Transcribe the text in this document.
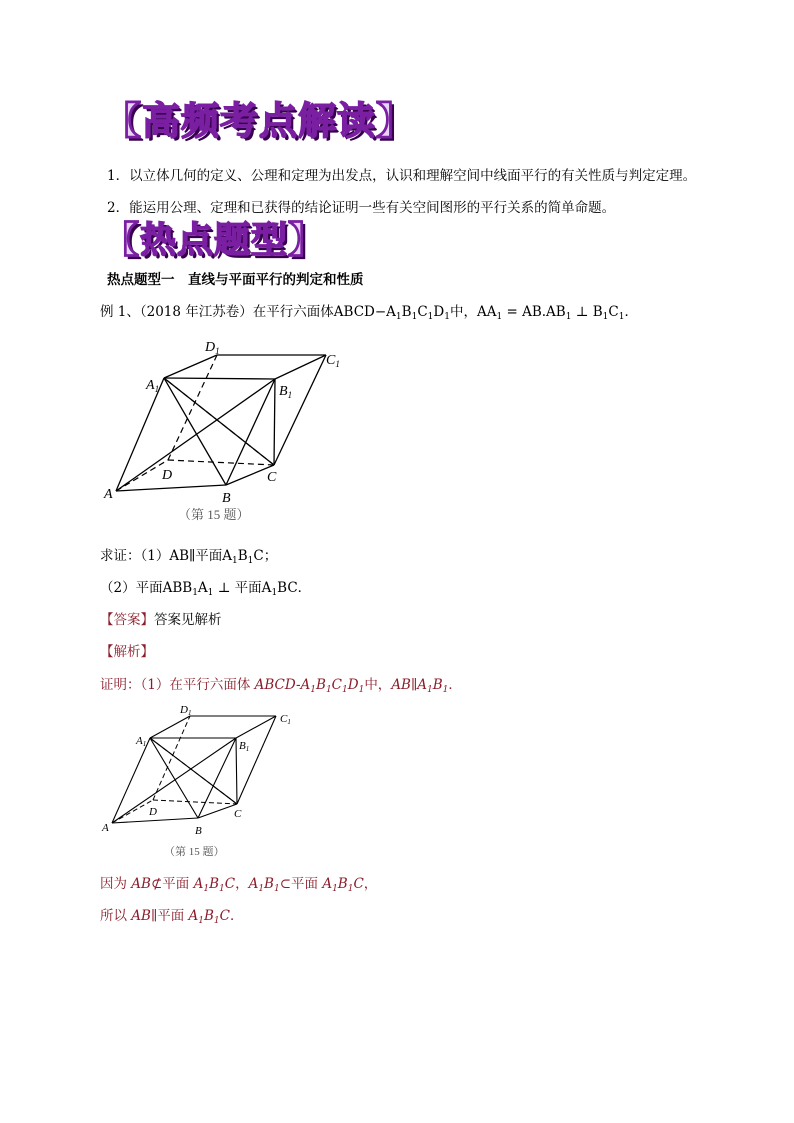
【高频考点解读】
1．以立体几何的定义、公理和定理为出发点，认识和理解空间中线面平行的有关性质与判定定理。
2．能运用公理、定理和已获得的结论证明一些有关空间图形的平行关系的简单命题。
【热点题型】
热点题型一　直线与平面平行的判定和性质
例 1、（2018 年江苏卷）在平行六面体$ABCD-A_1B_1C_1D_1$中，$AA_1 = AB.AB_1$ ⊥ $B_1C_1$．
A	B
C
D
$A_1$	$B_1$
$C_1$
$D_1$
（第 15 题）
求证：（1）AB∥平面$A_1B_1C$；
（2）平面$ABB_1A_1$ ⊥ 平面$A_1BC$．
【答案】答案见解析
【解析】
证明：（1）在平行六面体 ABCD-$A_1B_1C_1D_1$中，$AB\parallel A_1B_1$．
A	B
C
D
A1	B1
C1
D1
（第 15 题）
因为 AB⊄平面 $A_1B_1C$，$A_1B_1\subset$平面 $A_1B_1C$，
所以 AB∥平面 $A_1B_1C$．
